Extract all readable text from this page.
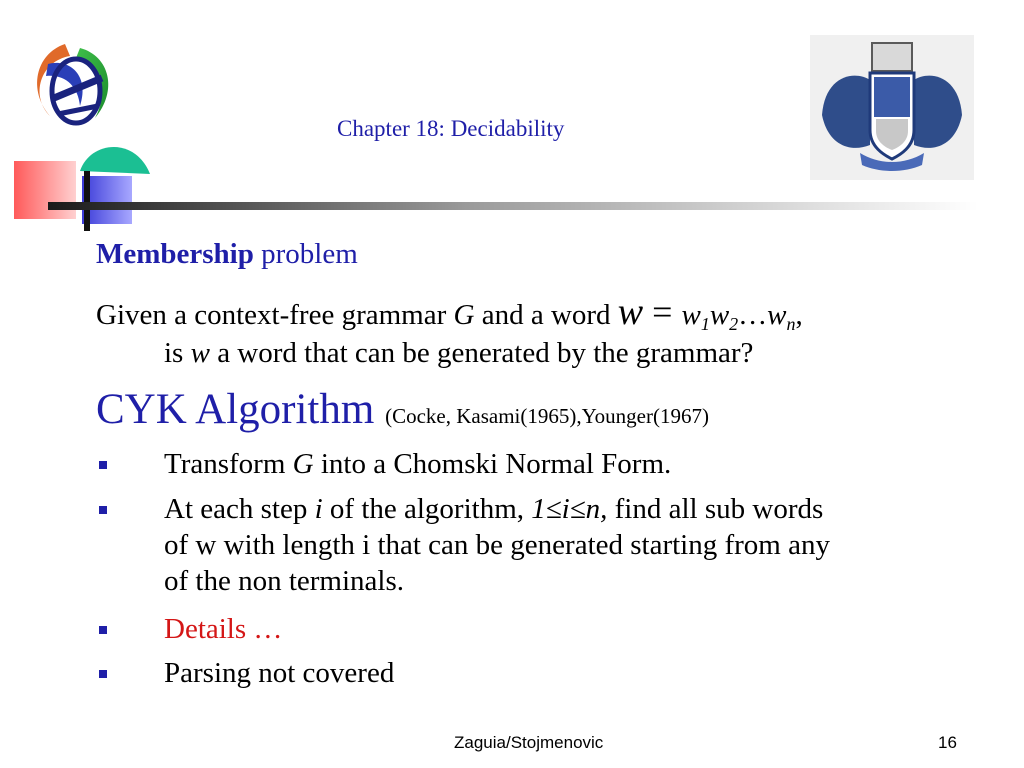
Chapter 18: Decidability
Membership problem
Given a context-free grammar G and a word $w = w_1w_2\dots w_n$,
is w a word that can be generated by the grammar?
CYK Algorithm (Cocke, Kasami(1965),Younger(1967)
Transform G into a Chomski Normal Form.
At each step i of the algorithm, 1≤i≤n, find all sub words
of w with length i that can be generated starting from any
of the non terminals.
Details …
Parsing not covered
Zaguia/Stojmenovic	16
